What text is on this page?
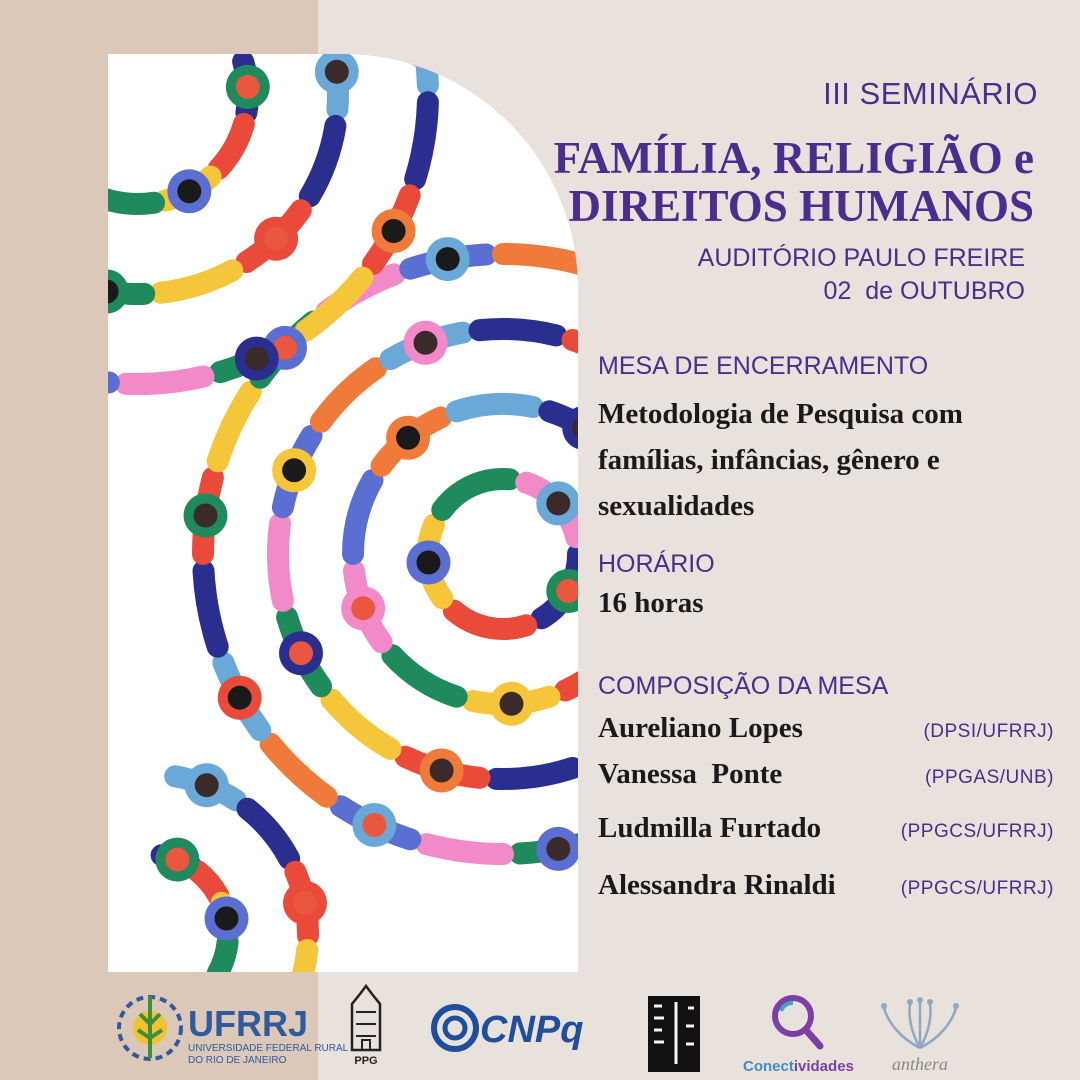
III SEMINÁRIO
FAMÍLIA, RELIGIÃO e
DIREITOS HUMANOS
AUDITÓRIO PAULO FREIRE
02  de OUTUBRO
MESA DE ENCERRAMENTO
Metodologia de Pesquisa com
famílias, infâncias, gênero e
sexualidades
HORÁRIO
16 horas
COMPOSIÇÃO DA MESA
Aureliano Lopes	(DPSI/UFRRJ)
Vanessa  Ponte	(PPGAS/UNB)
Ludmilla Furtado	(PPGCS/UFRRJ)
Alessandra Rinaldi	(PPGCS/UFRRJ)
UFRRJ
UNIVERSIDADE FEDERAL RURAL
DO RIO DE JANEIRO	PPG
CNPq
Conectividades anthera
